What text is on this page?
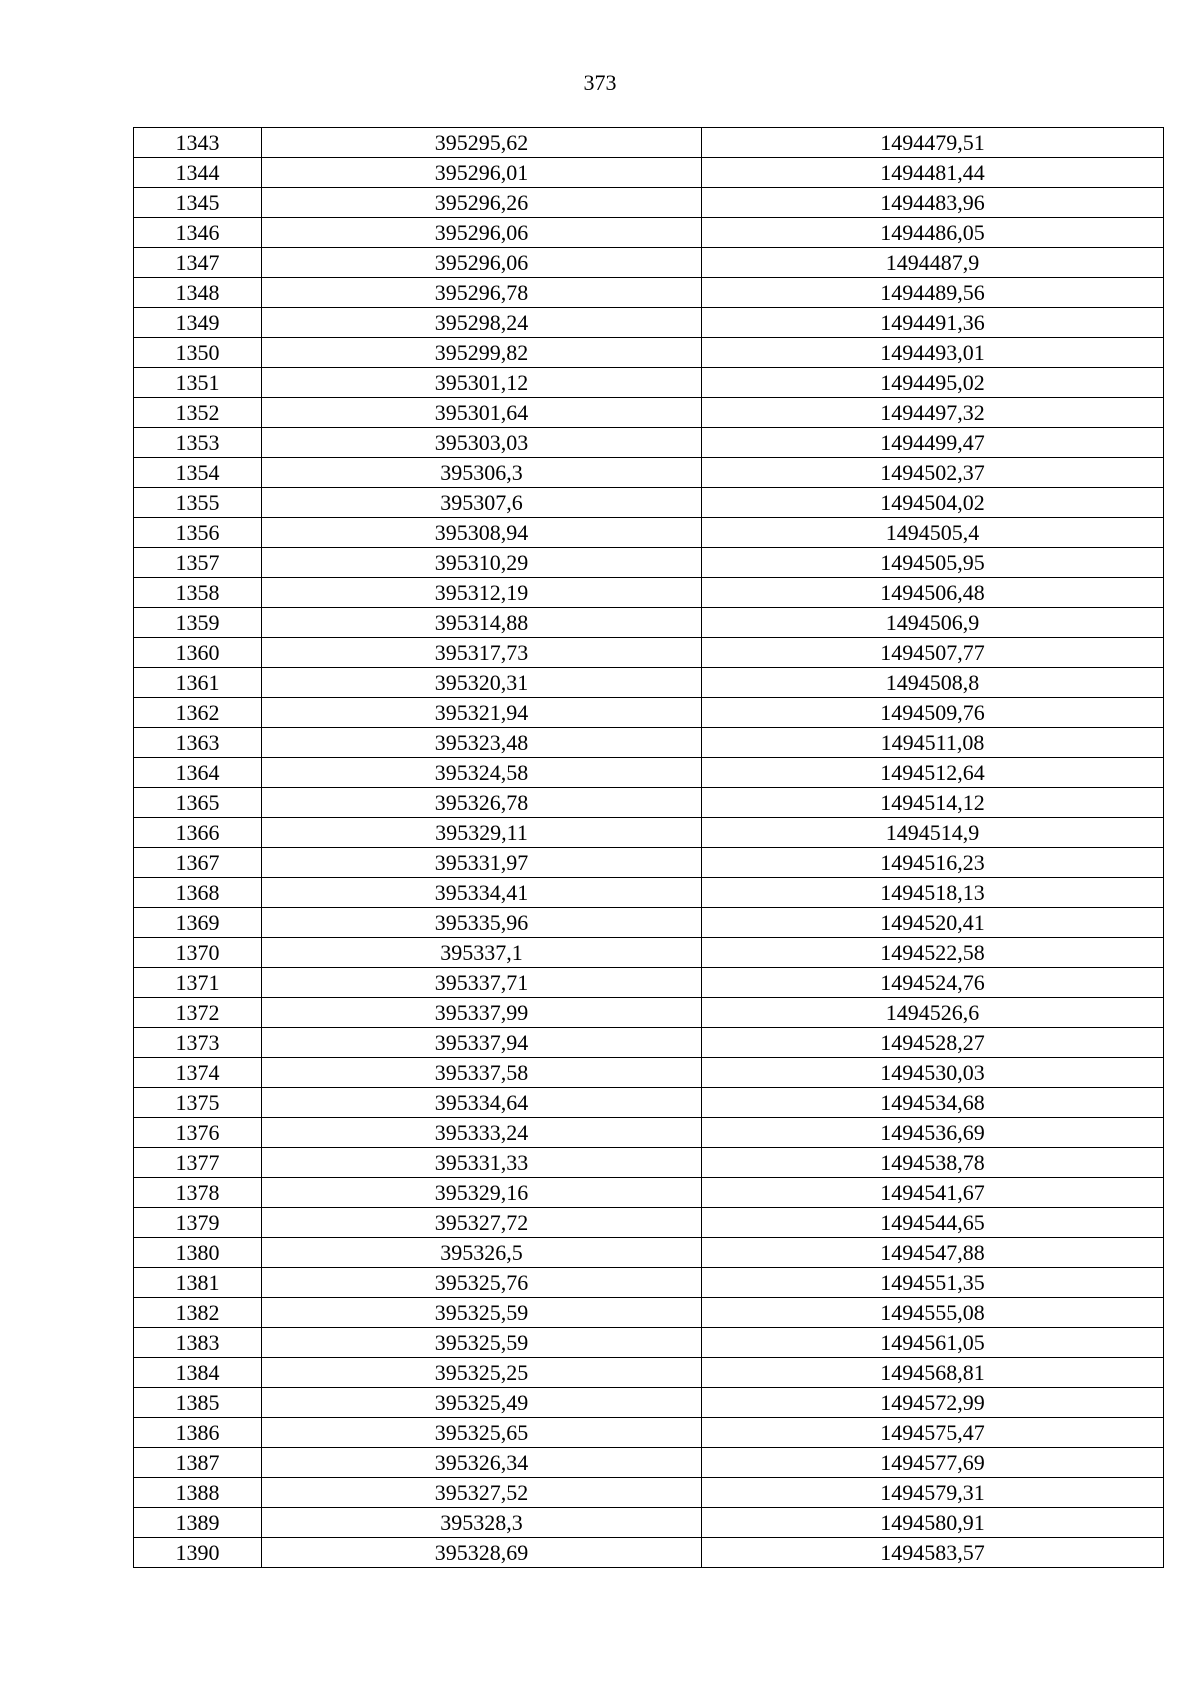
373
1343	395295,62	1494479,51
1344	395296,01	1494481,44
1345	395296,26	1494483,96
1346	395296,06	1494486,05
1347	395296,06	1494487,9
1348	395296,78	1494489,56
1349	395298,24	1494491,36
1350	395299,82	1494493,01
1351	395301,12	1494495,02
1352	395301,64	1494497,32
1353	395303,03	1494499,47
1354	395306,3	1494502,37
1355	395307,6	1494504,02
1356	395308,94	1494505,4
1357	395310,29	1494505,95
1358	395312,19	1494506,48
1359	395314,88	1494506,9
1360	395317,73	1494507,77
1361	395320,31	1494508,8
1362	395321,94	1494509,76
1363	395323,48	1494511,08
1364	395324,58	1494512,64
1365	395326,78	1494514,12
1366	395329,11	1494514,9
1367	395331,97	1494516,23
1368	395334,41	1494518,13
1369	395335,96	1494520,41
1370	395337,1	1494522,58
1371	395337,71	1494524,76
1372	395337,99	1494526,6
1373	395337,94	1494528,27
1374	395337,58	1494530,03
1375	395334,64	1494534,68
1376	395333,24	1494536,69
1377	395331,33	1494538,78
1378	395329,16	1494541,67
1379	395327,72	1494544,65
1380	395326,5	1494547,88
1381	395325,76	1494551,35
1382	395325,59	1494555,08
1383	395325,59	1494561,05
1384	395325,25	1494568,81
1385	395325,49	1494572,99
1386	395325,65	1494575,47
1387	395326,34	1494577,69
1388	395327,52	1494579,31
1389	395328,3	1494580,91
1390	395328,69	1494583,57
